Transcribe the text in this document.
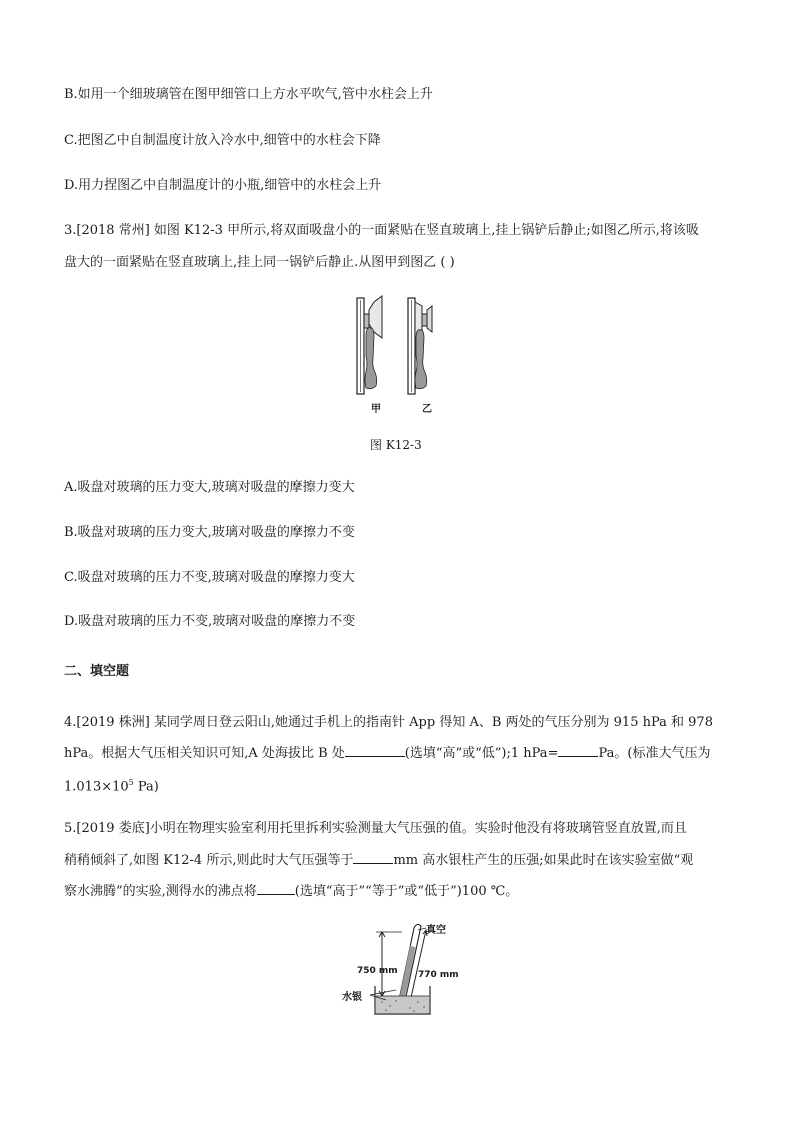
B.如用一个细玻璃管在图甲细管口上方水平吹气,管中水柱会上升
C.把图乙中自制温度计放入冷水中,细管中的水柱会下降
D.用力捏图乙中自制温度计的小瓶,细管中的水柱会上升
3.[2018 常州] 如图 K12-3 甲所示,将双面吸盘小的一面紧贴在竖直玻璃上,挂上锅铲后静止;如图乙所示,将该吸
盘大的一面紧贴在竖直玻璃上,挂上同一锅铲后静止.从图甲到图乙 ( )
甲	乙
图 K12-3
A.吸盘对玻璃的压力变大,玻璃对吸盘的摩擦力变大
B.吸盘对玻璃的压力变大,玻璃对吸盘的摩擦力不变
C.吸盘对玻璃的压力不变,玻璃对吸盘的摩擦力变大
D.吸盘对玻璃的压力不变,玻璃对吸盘的摩擦力不变
二、填空题
4.[2019 株洲] 某同学周日登云阳山,她通过手机上的指南针 App 得知 A、B 两处的气压分别为 915 hPa 和 978
hPa。根据大气压相关知识可知,A 处海拔比 B 处	(选填“高”或“低”);1 hPa=	Pa。(标准大气压为
$1.013\times 10^5$ Pa)
5.[2019 娄底]小明在物理实验室利用托里拆利实验测量大气压强的值。实验时他没有将玻璃管竖直放置,而且
稍稍倾斜了,如图 K12-4 所示,则此时大气压强等于	mm 高水银柱产生的压强;如果此时在该实验室做“观
察水沸腾”的实验,测得水的沸点将	(选填“高于”“等于”或“低于”)100 ℃。
真空
750 mm 770 mm
水银
